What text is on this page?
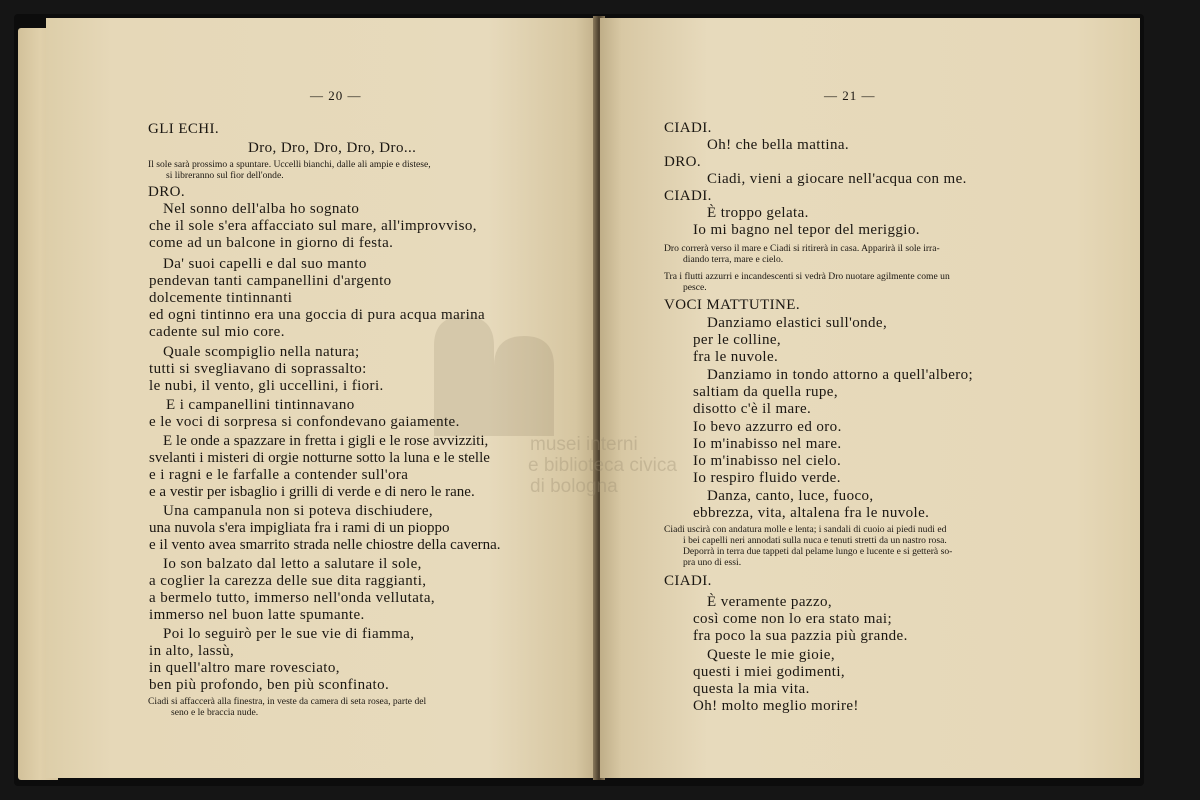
— 20 —
GLI ECHI.
Dro, Dro, Dro, Dro, Dro...
Il sole sarà prossimo a spuntare. Uccelli bianchi, dalle ali ampie e distese,
si libreranno sul fior dell'onde.
DRO.
Nel sonno dell'alba ho sognato
che il sole s'era affacciato sul mare, all'improvviso,
come ad un balcone in giorno di festa.
Da' suoi capelli e dal suo manto
pendevan tanti campanellini d'argento
dolcemente tintinnanti
ed ogni tintinno era una goccia di pura acqua marina
cadente sul mio core.
Quale scompiglio nella natura;
tutti si svegliavano di soprassalto:
le nubi, il vento, gli uccellini, i fiori.
E i campanellini tintinnavano
e le voci di sorpresa si confondevano gaiamente.
E le onde a spazzare in fretta i gigli e le rose avvizziti,
svelanti i misteri di orgie notturne sotto la luna e le stelle
e i ragni e le farfalle a contender sull'ora
e a vestir per isbaglio i grilli di verde e di nero le rane.
Una campanula non si poteva dischiudere,
una nuvola s'era impigliata fra i rami di un pioppo
e il vento avea smarrito strada nelle chiostre della caverna.
Io son balzato dal letto a salutare il sole,
a coglier la carezza delle sue dita raggianti,
a bermelo tutto, immerso nell'onda vellutata,
immerso nel buon latte spumante.
Poi lo seguirò per le sue vie di fiamma,
in alto, lassù,
in quell'altro mare rovesciato,
ben più profondo, ben più sconfinato.
Ciadi si affaccerà alla finestra, in veste da camera di seta rosea, parte del
seno e le braccia nude.
— 21 —
musei interni
e biblioteca civica
di bologna
CIADI.
Oh! che bella mattina.
DRO.
Ciadi, vieni a giocare nell'acqua con me.
CIADI.
È troppo gelata.
Io mi bagno nel tepor del meriggio.
Dro correrà verso il mare e Ciadi si ritirerà in casa. Apparirà il sole irra-
diando terra, mare e cielo.
Tra i flutti azzurri e incandescenti si vedrà Dro nuotare agilmente come un
pesce.
VOCI MATTUTINE.
Danziamo elastici sull'onde,
per le colline,
fra le nuvole.
Danziamo in tondo attorno a quell'albero;
saltiam da quella rupe,
disotto c'è il mare.
Io bevo azzurro ed oro.
Io m'inabisso nel mare.
Io m'inabisso nel cielo.
Io respiro fluido verde.
Danza, canto, luce, fuoco,
ebbrezza, vita, altalena fra le nuvole.
Ciadi uscirà con andatura molle e lenta; i sandali di cuoio ai piedi nudi ed
i bei capelli neri annodati sulla nuca e tenuti stretti da un nastro rosa.
Deporrà in terra due tappeti dal pelame lungo e lucente e si getterà so-
pra uno di essi.
CIADI.
È veramente pazzo,
così come non lo era stato mai;
fra poco la sua pazzia più grande.
Queste le mie gioie,
questi i miei godimenti,
questa la mia vita.
Oh! molto meglio morire!
